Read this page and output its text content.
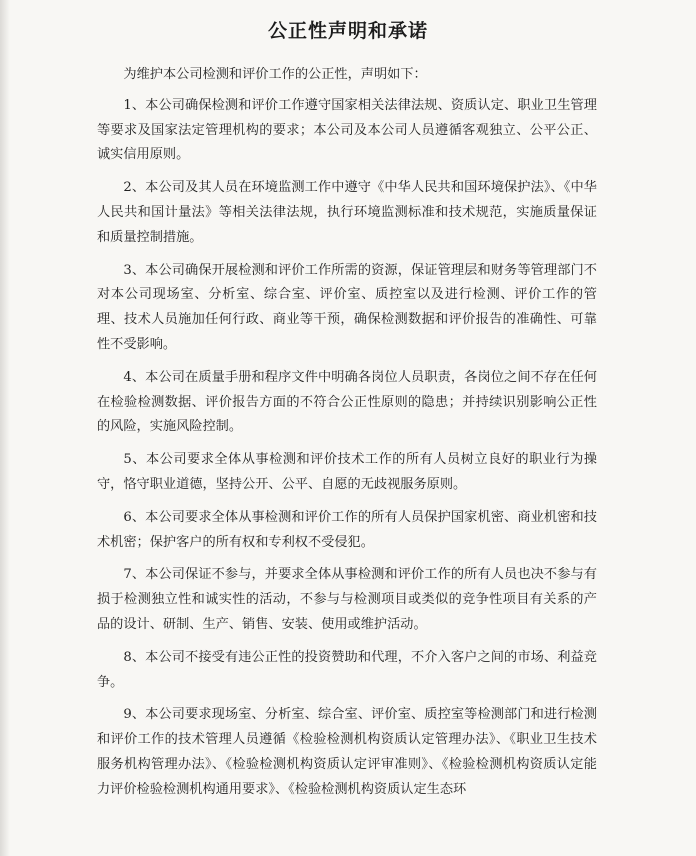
公正性声明和承诺

为维护本公司检测和评价工作的公正性，声明如下：

1、本公司确保检测和评价工作遵守国家相关法律法规、资质认定、职业卫生管理等要求及国家法定管理机构的要求；本公司及本公司人员遵循客观独立、公平公正、诚实信用原则。

2、本公司及其人员在环境监测工作中遵守《中华人民共和国环境保护法》、《中华人民共和国计量法》等相关法律法规，执行环境监测标准和技术规范，实施质量保证和质量控制措施。

3、本公司确保开展检测和评价工作所需的资源，保证管理层和财务等管理部门不对本公司现场室、分析室、综合室、评价室、质控室以及进行检测、评价工作的管理、技术人员施加任何行政、商业等干预，确保检测数据和评价报告的准确性、可靠性不受影响。

4、本公司在质量手册和程序文件中明确各岗位人员职责，各岗位之间不存在任何在检验检测数据、评价报告方面的不符合公正性原则的隐患；并持续识别影响公正性的风险，实施风险控制。

5、本公司要求全体从事检测和评价技术工作的所有人员树立良好的职业行为操守，恪守职业道德，坚持公开、公平、自愿的无歧视服务原则。

6、本公司要求全体从事检测和评价工作的所有人员保护国家机密、商业机密和技术机密；保护客户的所有权和专利权不受侵犯。

7、本公司保证不参与，并要求全体从事检测和评价工作的所有人员也决不参与有损于检测独立性和诚实性的活动，不参与与检测项目或类似的竞争性项目有关系的产品的设计、研制、生产、销售、安装、使用或维护活动。

8、本公司不接受有违公正性的投资赞助和代理，不介入客户之间的市场、利益竞争。

9、本公司要求现场室、分析室、综合室、评价室、质控室等检测部门和进行检测和评价工作的技术管理人员遵循《检验检测机构资质认定管理办法》、《职业卫生技术服务机构管理办法》、《检验检测机构资质认定评审准则》、《检验检测机构资质认定能力评价检验检测机构通用要求》、《检验检测机构资质认定生态环
